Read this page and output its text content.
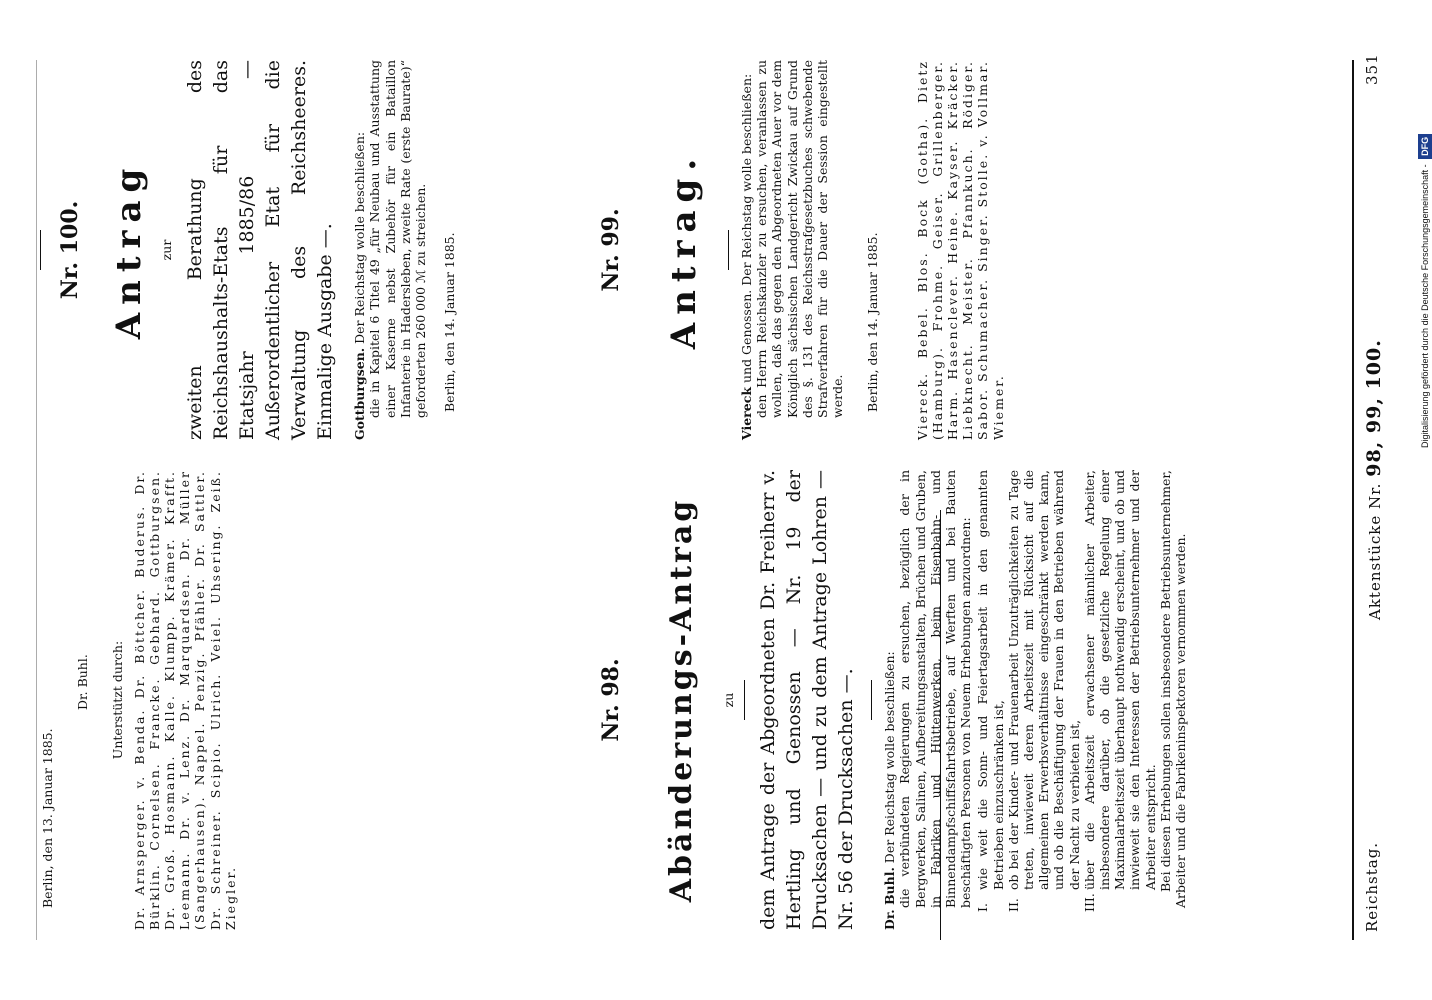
Reichstag.
Aktenstücke Nr. 98, 99, 100.
351
Nr. 98. Abänderungs-Antrag zu dem Antrage der Abgeordneten Dr. Freiherr v. Hertling und Genossen — Nr. 19 der Drucksachen — und zu dem Antrage Lohren — Nr. 56 der Drucksachen —. Dr. Buhl. Der Reichstag wolle beschließen: die verbündeten Regierungen zu ersuchen, bezüglich der in Bergwerken, Salinen, Aufbereitungsanstalten, Brüchen und Gruben, in Fabriken und Hüttenwerken, beim Eisenbahn- und Binnendampfschiffsfahrtsbetriebe, auf Werften und bei Bauten beschäftigten Personen von Neuem Erhebungen anzuordnen: I.
wie weit die Sonn- und Feiertagsarbeit in den genannten Betrieben einzuschränken ist,
II.
ob bei der Kinder- und Frauenarbeit Unzuträglichkeiten zu Tage treten, inwieweit deren Arbeitszeit mit Rücksicht auf die allgemeinen Erwerbsverhältnisse eingeschränkt werden kann, und ob die Beschäftigung der Frauen in den Betrieben während der Nacht zu verbieten ist,
III.
über die Arbeitszeit erwachsener männlicher Arbeiter, insbesondere darüber, ob die gesetzliche Regelung einer Maximalarbeitszeit überhaupt nothwendig erscheint, und ob und inwieweit sie den Interessen der Betriebsunternehmer und der Arbeiter entspricht. Bei diesen Erhebungen sollen insbesondere Betriebsunternehmer, Arbeiter und die Fabrikeninspektoren vernommen werden.

Nr. 99. Antrag.

Viereck und Genossen. Der Reichstag wolle beschließen: den Herrn Reichskanzler zu ersuchen, veranlassen zu wollen, daß das gegen den Abgeordneten Auer vor dem Königlich sächsischen Landgericht Zwickau auf Grund des §. 131 des Reichsstrafgesetzbuches schwebende Strafverfahren für die Dauer der Session eingestellt werde. Berlin, den 14. Januar 1885.	Viereck. Bebel. Blos. Bock (Gotha). Dietz (Hamburg). Frohme. Geiser. Grillenberger. Harm. Hasenclever. Heine. Kayser. Kräcker. Liebknecht. Meister. Pfannkuch. Rödiger. Sabor. Schumacher. Singer. Stolle. v. Vollmar. Wiemer.

Berlin, den 13. Januar 1885.

Dr. Buhl. Unterstützt durch: Dr. Arnsperger. v. Benda. Dr. Böttcher. Buderus. Dr. Bürklin. Cornelsen. Francke. Gebhard. Gottburgsen. Dr. Groß. Hosmann. Kalle. Klumpp. Krämer. Krafft. Leemann. Dr. v. Lenz. Dr. Marquardsen. Dr. Müller (Sangerhausen). Nappel. Penzig. Pfähler. Dr. Sattler. Dr. Schreiner. Scipio. Ulrich. Veiel. Uhsering. Zeiß. Ziegler.

Nr. 100. Antrag zur zweiten Berathung des Reichshaushalts-Etats für das Etatsjahr 1885/86 — Außerordentlicher Etat für die Verwaltung des Reichsheeres. Einmalige Ausgabe —. Gottburgsen. Der Reichstag wolle beschließen: die in Kapitel 6 Titel 49 „für Neubau und Ausstattung einer Kaserne nebst Zubehör für ein Bataillon Infanterie in Hadersleben, zweite Rate (erste Baurate)“ geforderten 260 000 ℳ zu streichen. Berlin, den 14. Januar 1885.	Digitalisierung gefördert durch die Deutsche Forschungsgemeinschaft - DFG
